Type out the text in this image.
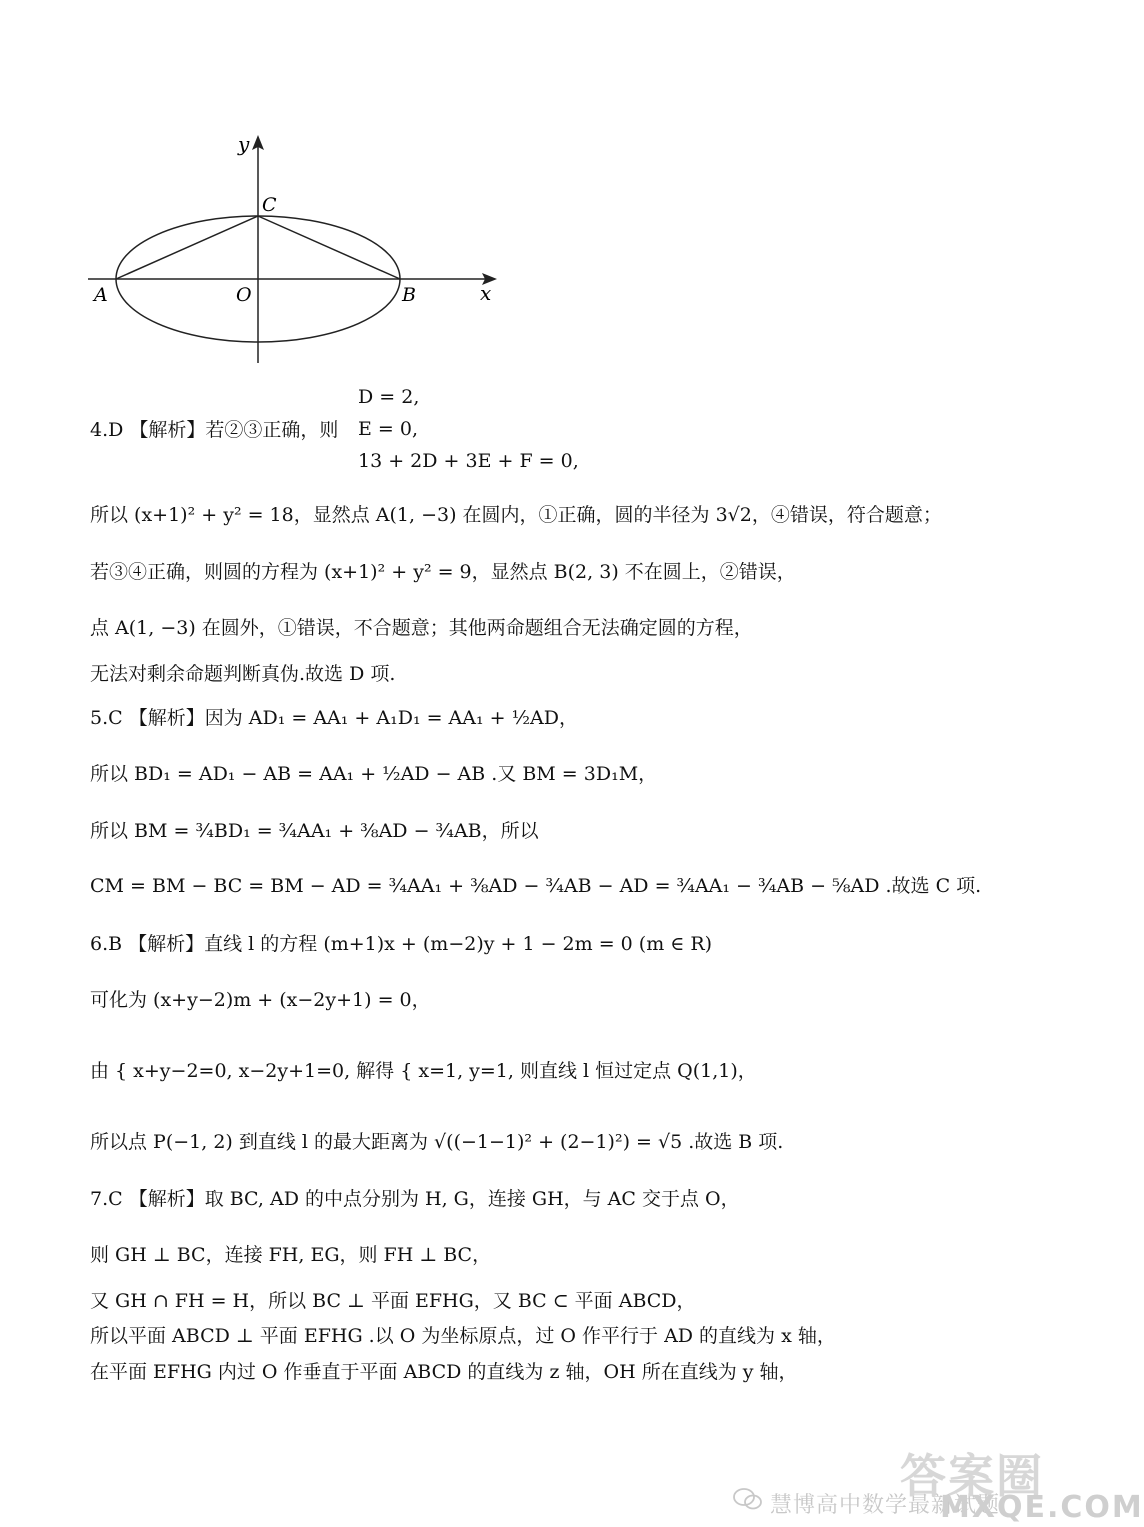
y
x
C
A	O	B
D = 2,
E = 0,
4.D 【解析】若②③正确，则
13 + 2D + 3E + F = 0,
所以 (x+1)² + y² = 18，显然点 A(1, −3) 在圆内，①正确，圆的半径为 3√2，④错误，符合题意；
若③④正确，则圆的方程为 (x+1)² + y² = 9，显然点 B(2, 3) 不在圆上，②错误，
点 A(1, −3) 在圆外，①错误，不合题意；其他两命题组合无法确定圆的方程，
无法对剩余命题判断真伪.故选 D 项.
5.C 【解析】因为 AD₁ = AA₁ + A₁D₁ = AA₁ + ½AD，
所以 BD₁ = AD₁ − AB = AA₁ + ½AD − AB .又 BM = 3D₁M，
所以 BM = ¾BD₁ = ¾AA₁ + ⅜AD − ¾AB，所以
CM = BM − BC = BM − AD = ¾AA₁ + ⅜AD − ¾AB − AD = ¾AA₁ − ¾AB − ⅝AD .故选 C 项.
6.B 【解析】直线 l 的方程 (m+1)x + (m−2)y + 1 − 2m = 0 (m ∈ R)
可化为 (x+y−2)m + (x−2y+1) = 0，
由 { x+y−2=0, x−2y+1=0, 解得 { x=1, y=1, 则直线 l 恒过定点 Q(1,1)，
所以点 P(−1, 2) 到直线 l 的最大距离为 √((−1−1)² + (2−1)²) = √5 .故选 B 项.
7.C 【解析】取 BC, AD 的中点分别为 H, G，连接 GH，与 AC 交于点 O，
则 GH ⊥ BC，连接 FH, EG，则 FH ⊥ BC，
又 GH ∩ FH = H，所以 BC ⊥ 平面 EFHG，又 BC ⊂ 平面 ABCD，
所以平面 ABCD ⊥ 平面 EFHG .以 O 为坐标原点，过 O 作平行于 AD 的直线为 x 轴，
在平面 EFHG 内过 O 作垂直于平面 ABCD 的直线为 z 轴，OH 所在直线为 y 轴，
慧博高中数学最新试题
答案圈
MXQE.COM
